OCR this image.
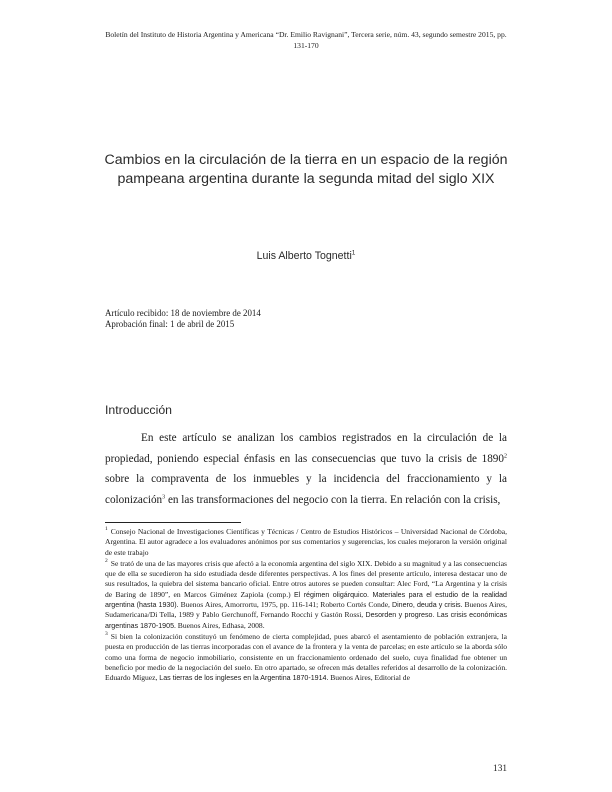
Boletín del Instituto de Historia Argentina y Americana “Dr. Emilio Ravignani”, Tercera serie, núm. 43, segundo semestre 2015, pp. 131-170
Cambios en la circulación de la tierra en un espacio de la región pampeana argentina durante la segunda mitad del siglo XIX
Luis Alberto Tognetti$^1$
Artículo recibido: 18 de noviembre de 2014
Aprobación final: 1 de abril de 2015
Introducción

En este artículo se analizan los cambios registrados en la circulación de la propiedad, poniendo especial énfasis en las consecuencias que tuvo la crisis de 1890$^2$ sobre la compraventa de los inmuebles y la incidencia del fraccionamiento y la colonización$^3$ en las transformaciones del negocio con la tierra. En relación con la crisis,

$^1$ Consejo Nacional de Investigaciones Científicas y Técnicas / Centro de Estudios Históricos – Universidad Nacional de Córdoba, Argentina. El autor agradece a los evaluadores anónimos por sus comentarios y sugerencias, los cuales mejoraron la versión original de este trabajo

$^2$ Se trató de una de las mayores crisis que afectó a la economía argentina del siglo XIX. Debido a su magnitud y a las consecuencias que de ella se sucedieron ha sido estudiada desde diferentes perspectivas. A los fines del presente artículo, interesa destacar uno de sus resultados, la quiebra del sistema bancario oficial. Entre otros autores se pueden consultar: Alec Ford, “La Argentina y la crisis de Baring de 1890”, en Marcos Giménez Zapiola (comp.) El régimen oligárquico. Materiales para el estudio de la realidad argentina (hasta 1930). Buenos Aires, Amorrortu, 1975, pp. 116-141; Roberto Cortés Conde, Dinero, deuda y crisis. Buenos Aires, Sudamericana/Di Tella, 1989 y Pablo Gerchunoff, Fernando Rocchi y Gastón Rossi, Desorden y progreso. Las crisis económicas argentinas 1870-1905. Buenos Aires, Edhasa, 2008.

$^3$ Si bien la colonización constituyó un fenómeno de cierta complejidad, pues abarcó el asentamiento de población extranjera, la puesta en producción de las tierras incorporadas con el avance de la frontera y la venta de parcelas; en este artículo se la aborda sólo como una forma de negocio inmobiliario, consistente en un fraccionamiento ordenado del suelo, cuya finalidad fue obtener un beneficio por medio de la negociación del suelo. En otro apartado, se ofrecen más detalles referidos al desarrollo de la colonización. Eduardo Míguez, Las tierras de los ingleses en la Argentina 1870-1914. Buenos Aires, Editorial de

131
